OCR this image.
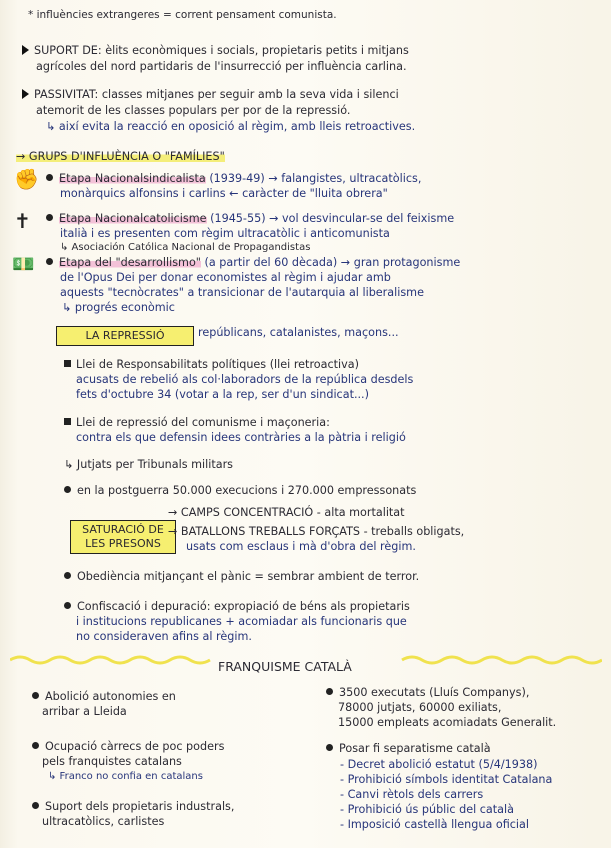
* influències extrangeres = corrent pensament comunista.
SUPORT DE: èlits econòmiques i socials, propietaris petits i mitjans
agrícoles del nord partidaris de l'insurrecció per influència carlina.
PASSIVITAT: classes mitjanes per seguir amb la seva vida i silenci
atemorit de les classes populars per por de la repressió.
↳ així evita la reacció en oposició al règim, amb lleis retroactives.
→ GRUPS D'INFLUÈNCIA O "FAMÍLIES"
✊	Etapa Nacionalsindicalista (1939-49) → falangistes, ultracatòlics,
monàrquics alfonsins i carlins ← caràcter de "lluita obrera"
✝	Etapa Nacionalcatolicisme (1945-55) → vol desvincular-se del feixisme
italià i es presenten com règim ultracatòlic i anticomunista
↳ Asociación Católica Nacional de Propagandistas
💵	Etapa del "desarrollismo" (a partir del 60 dècada) → gran protagonisme
de l'Opus Dei per donar economistes al règim i ajudar amb
aquests "tecnòcrates" a transicionar de l'autarquia al liberalisme
↳ progrés econòmic
LA REPRESSIÓ	repúblicans, catalanistes, maçons...
Llei de Responsabilitats polítiques (llei retroactiva)
acusats de rebelió als col·laboradors de la república desdels
fets d'octubre 34 (votar a la rep, ser d'un sindicat...)
Llei de repressió del comunisme i maçoneria:
contra els que defensin idees contràries a la pàtria i religió
↳ Jutjats per Tribunals militars
en la postguerra 50.000 execucions i 270.000 empressonats
SATURACIÓ DE
LES PRESONS
→ CAMPS CONCENTRACIÓ - alta mortalitat
→ BATALLONS TREBALLS FORÇATS - treballs obligats,
usats com esclaus i mà d'obra del règim.
Obediència mitjançant el pànic = sembrar ambient de terror.
Confiscació i depuració: expropiació de béns als propietaris
i institucions republicanes + acomiadar als funcionaris que
no consideraven afins al règim.
FRANQUISME CATALÀ
Abolició autonomies en
arribar a Lleida
Ocupació càrrecs de poc poders
pels franquistes catalans
↳ Franco no confia en catalans
Suport dels propietaris industrals,
ultracatòlics, carlistes
3500 executats (Lluís Companys),
78000 jutjats, 60000 exiliats,
15000 empleats acomiadats Generalit.
Posar fi separatisme català
- Decret abolició estatut (5/4/1938)
- Prohibició símbols identitat Catalana
- Canvi rètols dels carrers
- Prohibició ús públic del català
- Imposició castellà llengua oficial
